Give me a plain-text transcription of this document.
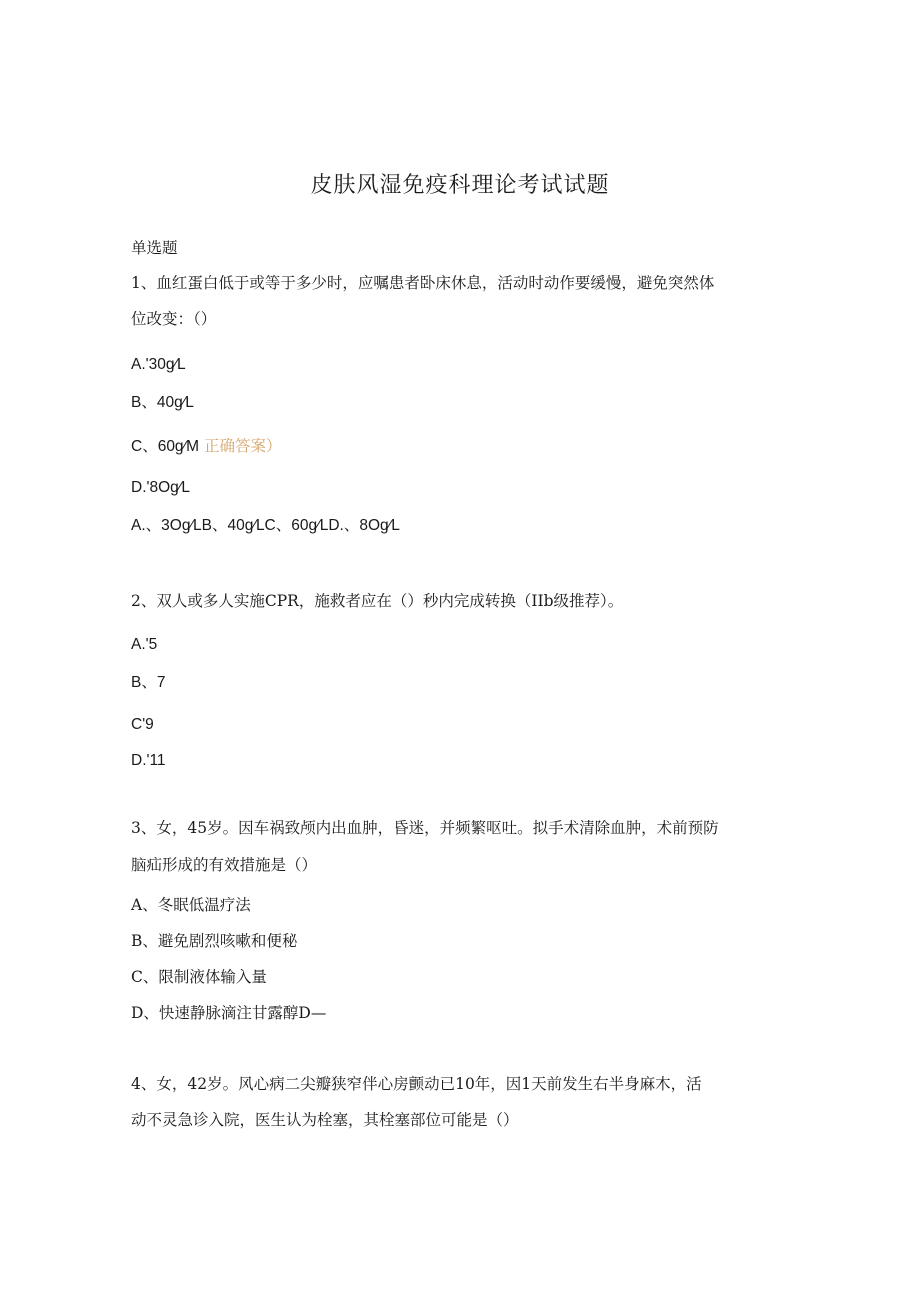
皮肤风湿免疫科理论考试试题
单选题
1、血红蛋白低于或等于多少时，应嘱患者卧床休息，活动时动作要缓慢，避免突然体
位改变：（）
A.'30g∕L
B、40g∕L
C、60g∕M 正确答案）
D.'8Og∕L
A.、3Og∕LB、40g∕LC、60g∕LD.、8Og∕L
2、双人或多人实施CPR，施救者应在（）秒内完成转换（IIb级推荐）。
A.'5
B、7
C'9
D.'11
3、女，45岁。因车祸致颅内出血肿，昏迷，并频繁呕吐。拟手术清除血肿，术前预防
脑疝形成的有效措施是（）
A、冬眠低温疗法
B、避免剧烈咳嗽和便秘
C、限制液体输入量
D、快速静脉滴注甘露醇D—
4、女，42岁。风心病二尖瓣狭窄伴心房颤动已10年，因1天前发生右半身麻木，活
动不灵急诊入院，医生认为栓塞，其栓塞部位可能是（）
